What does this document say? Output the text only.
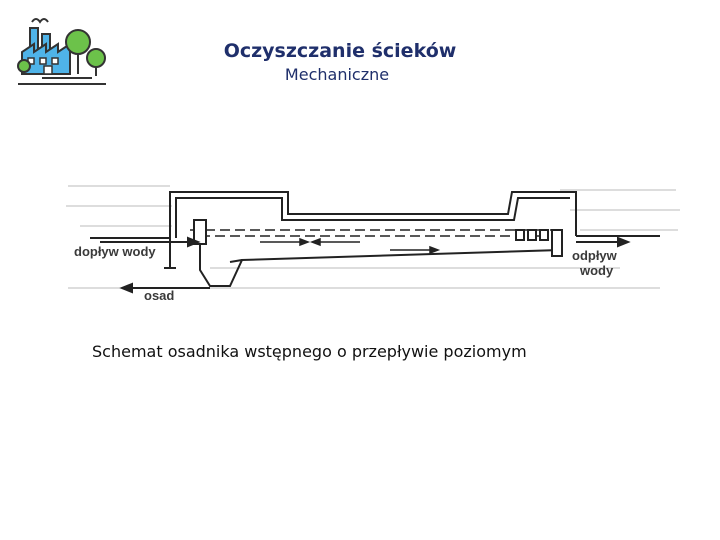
Oczyszczanie ścieków
Mechaniczne
dopływ wody
osad
odpływ
wody
Schemat osadnika wstępnego o przepływie poziomym
